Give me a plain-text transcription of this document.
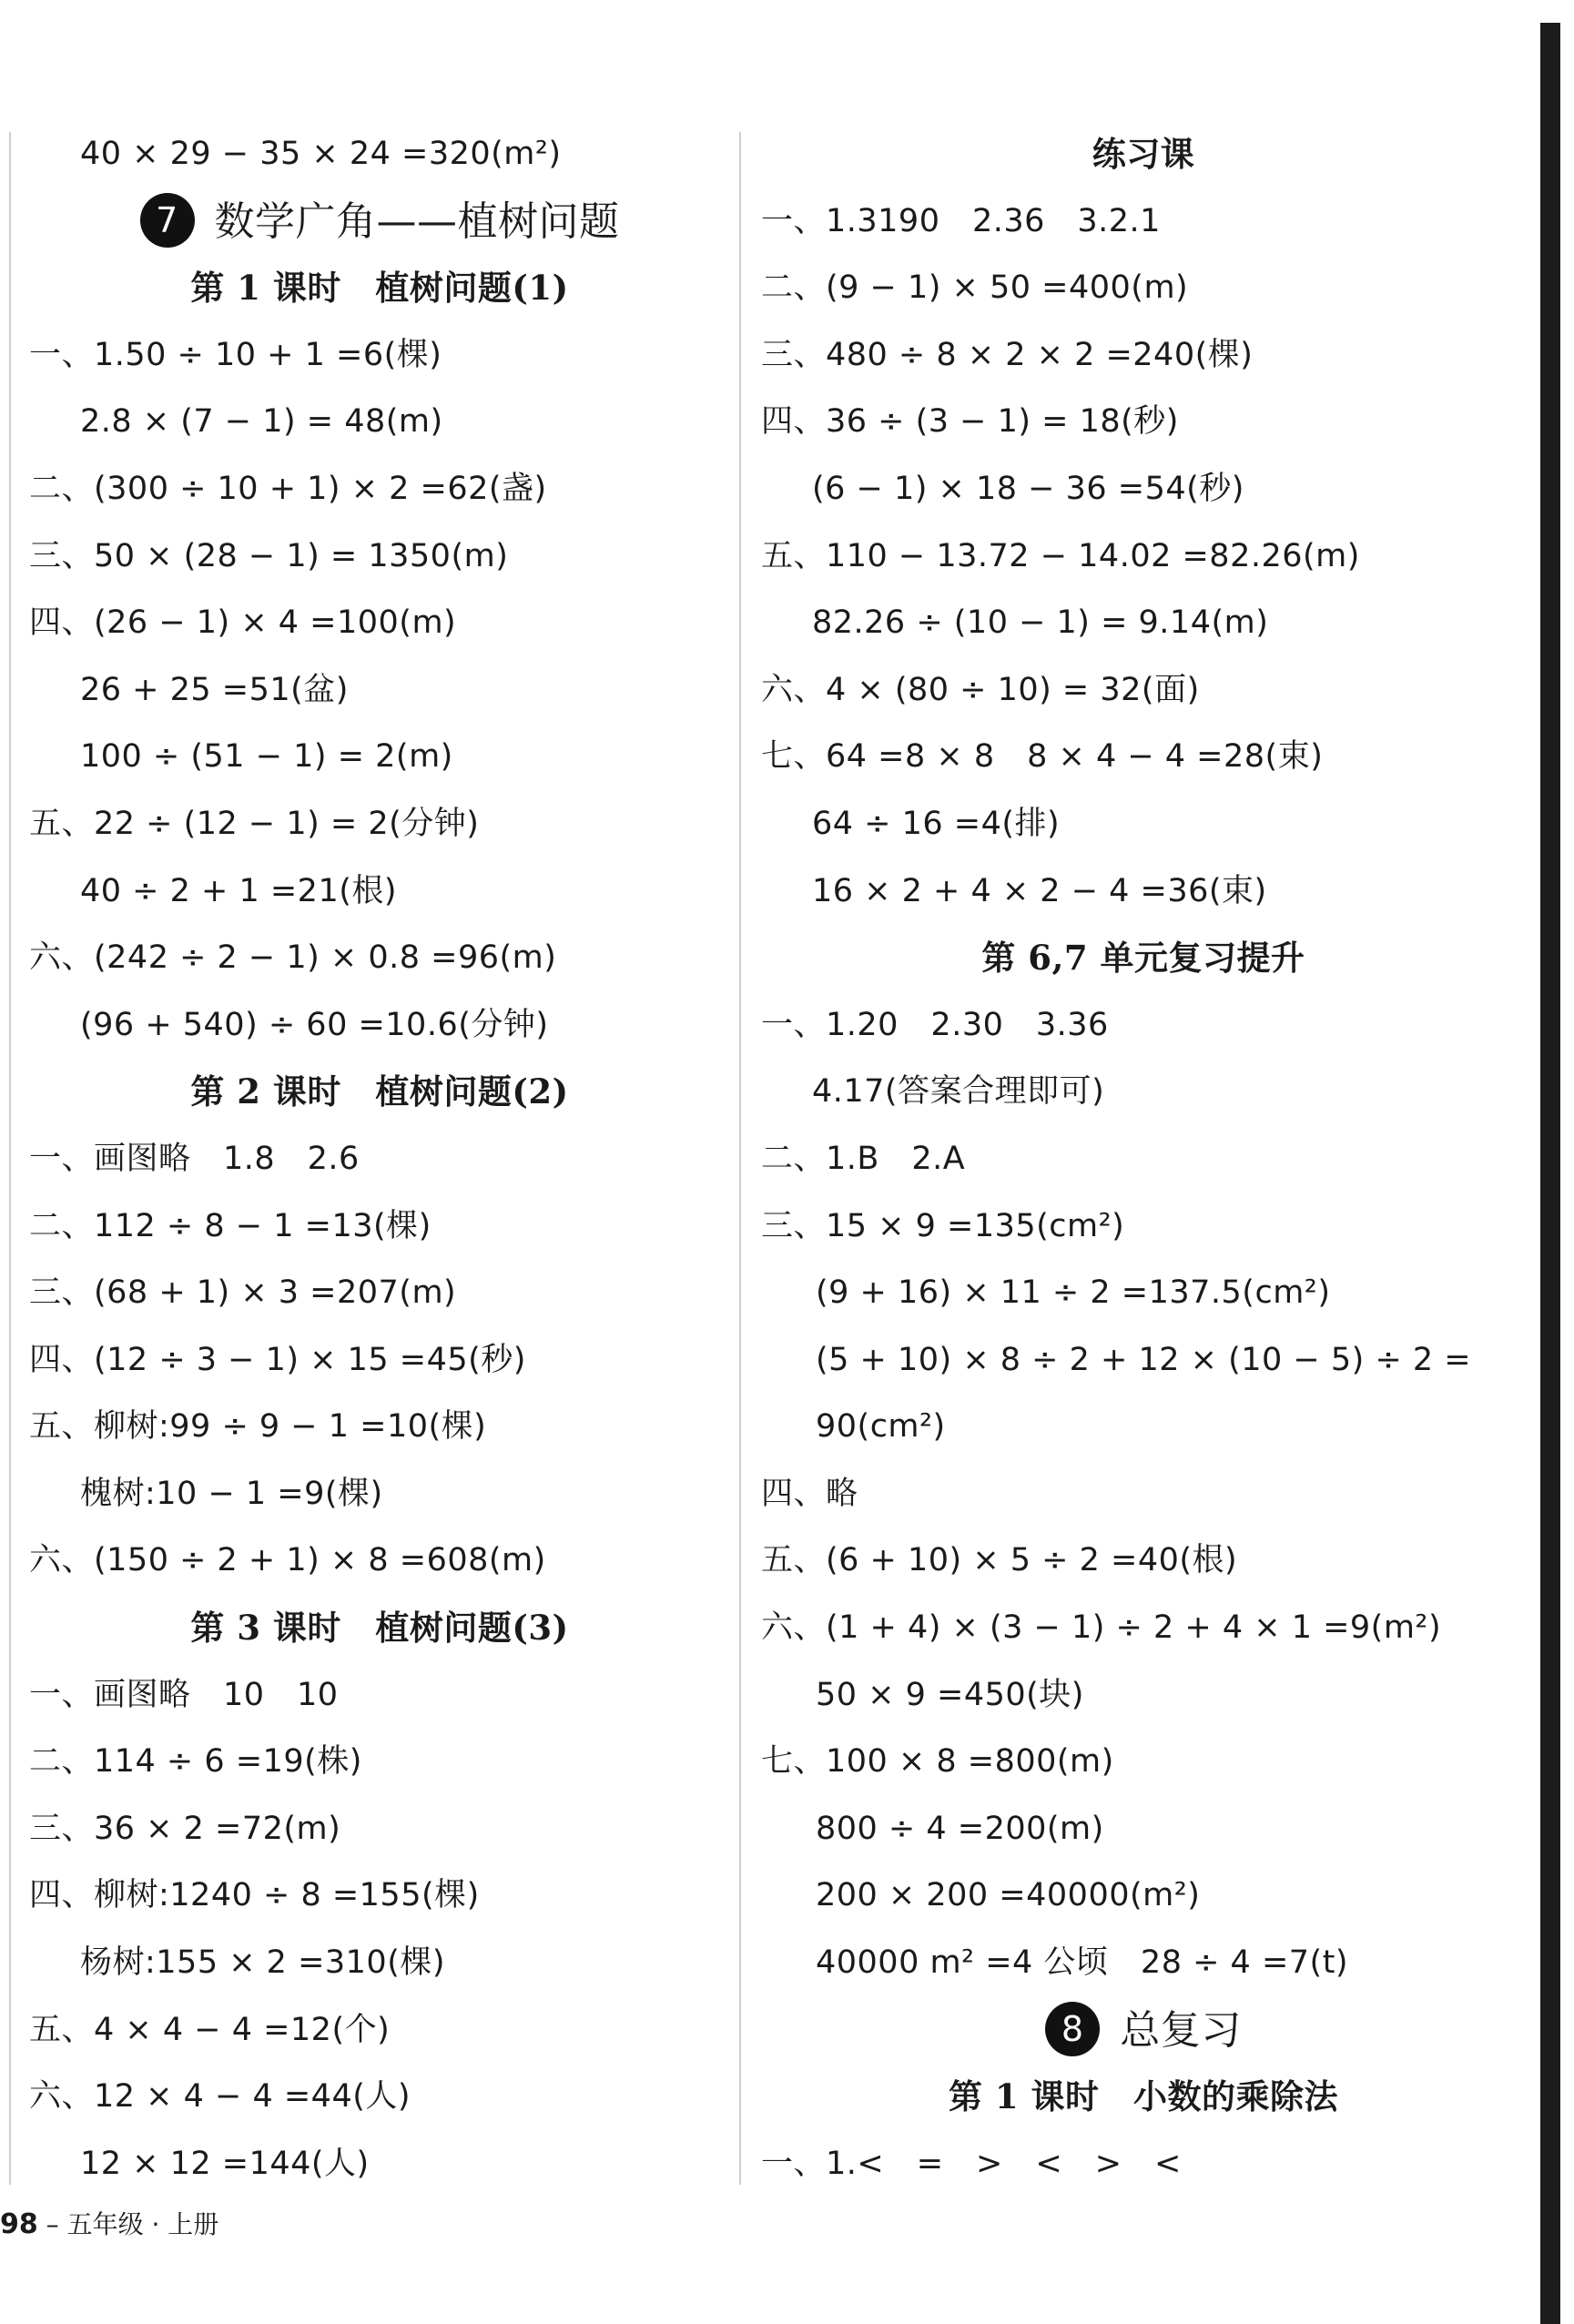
40 × 29 − 35 × 24 =320(m²)
7 数学广角——植树问题
第 1 课时　植树问题(1)
一、1.50 ÷ 10 + 1 =6(棵)
2.8 × (7 − 1) = 48(m)
二、(300 ÷ 10 + 1) × 2 =62(盏)
三、50 × (28 − 1) = 1350(m)
四、(26 − 1) × 4 =100(m)
26 + 25 =51(盆)
100 ÷ (51 − 1) = 2(m)
五、22 ÷ (12 − 1) = 2(分钟)
40 ÷ 2 + 1 =21(根)
六、(242 ÷ 2 − 1) × 0.8 =96(m)
(96 + 540) ÷ 60 =10.6(分钟)
第 2 课时　植树问题(2)
一、画图略　1.8　2.6
二、112 ÷ 8 − 1 =13(棵)
三、(68 + 1) × 3 =207(m)
四、(12 ÷ 3 − 1) × 15 =45(秒)
五、柳树:99 ÷ 9 − 1 =10(棵)
槐树:10 − 1 =9(棵)
六、(150 ÷ 2 + 1) × 8 =608(m)
第 3 课时　植树问题(3)
一、画图略　10　10
二、114 ÷ 6 =19(株)
三、36 × 2 =72(m)
四、柳树:1240 ÷ 8 =155(棵)
杨树:155 × 2 =310(棵)
五、4 × 4 − 4 =12(个)
六、12 × 4 − 4 =44(人)
12 × 12 =144(人)
练习课
一、1.3190　2.36　3.2.1
二、(9 − 1) × 50 =400(m)
三、480 ÷ 8 × 2 × 2 =240(棵)
四、36 ÷ (3 − 1) = 18(秒)
(6 − 1) × 18 − 36 =54(秒)
五、110 − 13.72 − 14.02 =82.26(m)
82.26 ÷ (10 − 1) = 9.14(m)
六、4 × (80 ÷ 10) = 32(面)
七、64 =8 × 8　8 × 4 − 4 =28(束)
64 ÷ 16 =4(排)
16 × 2 + 4 × 2 − 4 =36(束)
第 6,7 单元复习提升
一、1.20　2.30　3.36
4.17(答案合理即可)
二、1.B　2.A
三、15 × 9 =135(cm²)
(9 + 16) × 11 ÷ 2 =137.5(cm²)
(5 + 10) × 8 ÷ 2 + 12 × (10 − 5) ÷ 2 =
90(cm²)
四、略
五、(6 + 10) × 5 ÷ 2 =40(根)
六、(1 + 4) × (3 − 1) ÷ 2 + 4 × 1 =9(m²)
50 × 9 =450(块)
七、100 × 8 =800(m)
800 ÷ 4 =200(m)
200 × 200 =40000(m²)
40000 m² =4 公顷　28 ÷ 4 =7(t)
8 总复习
第 1 课时　小数的乘除法
一、1.<　=　>　<　>　<
98 – 五年级 · 上册
